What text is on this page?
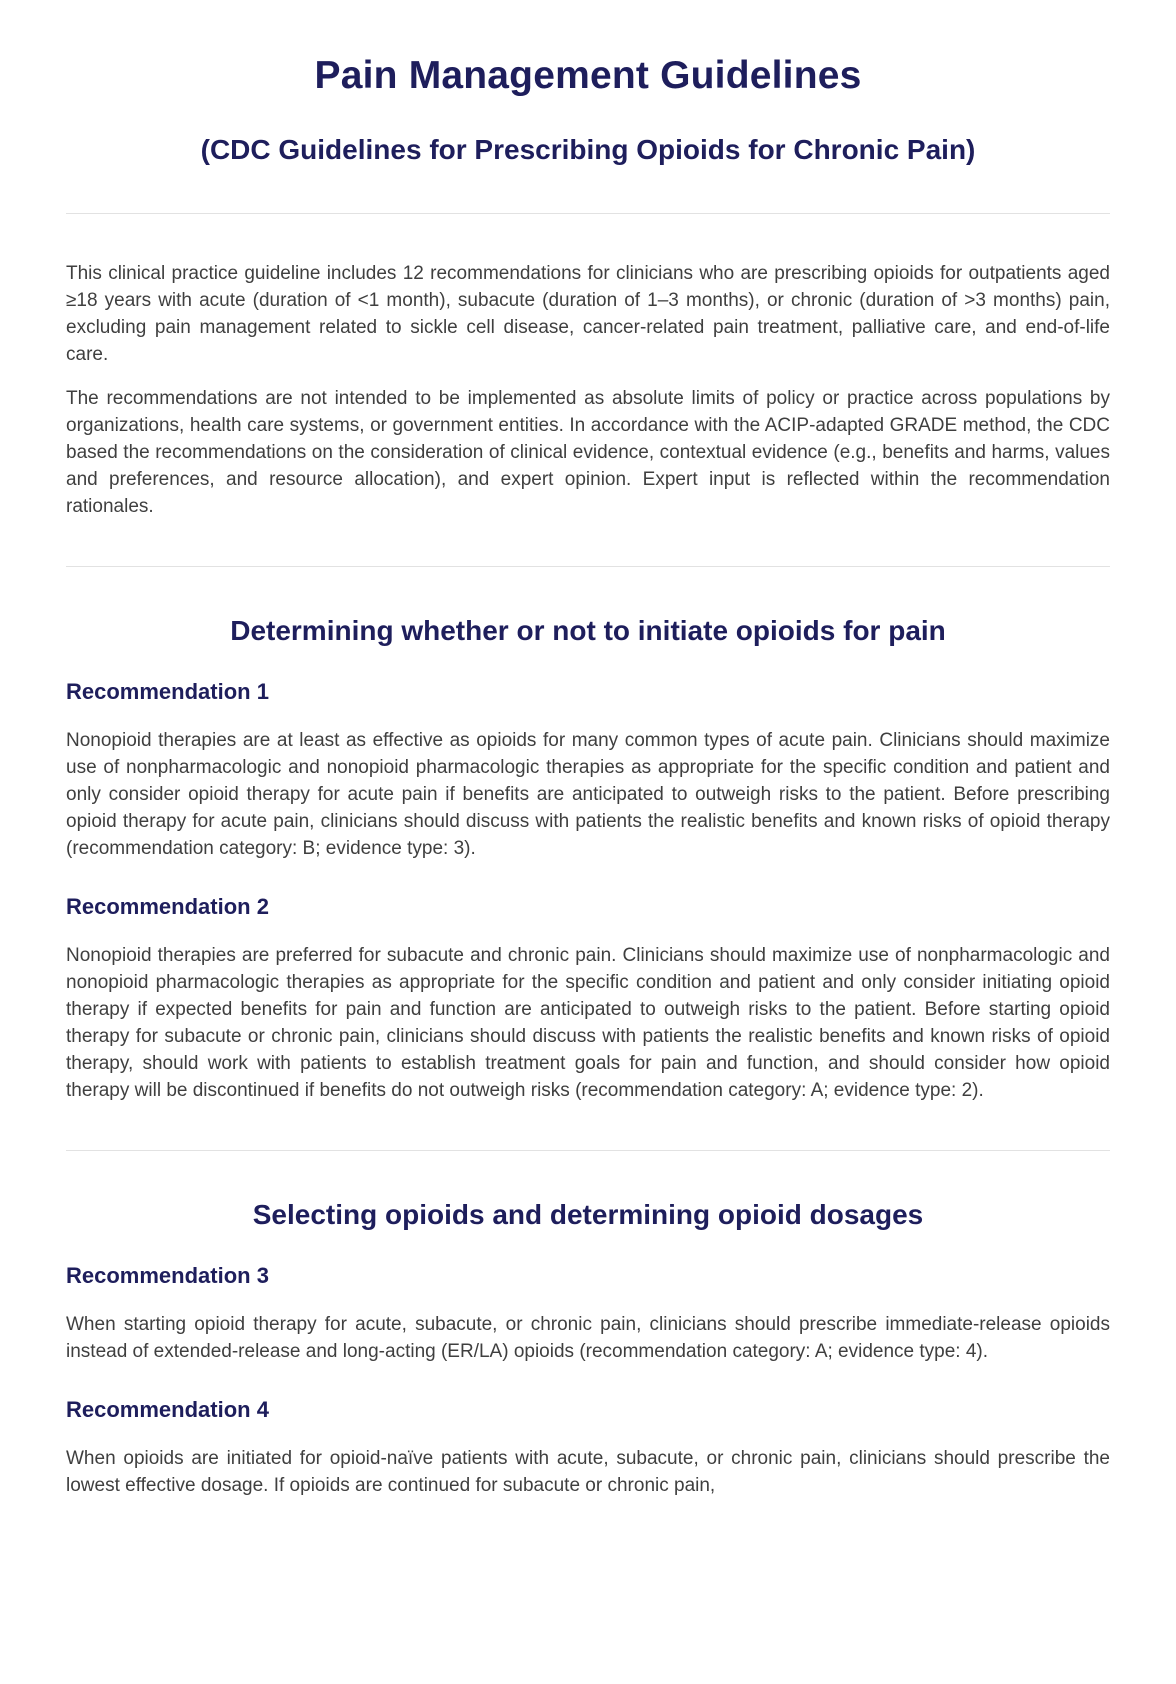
Pain Management Guidelines
(CDC Guidelines for Prescribing Opioids for Chronic Pain)

This clinical practice guideline includes 12 recommendations for clinicians who are prescribing opioids for outpatients aged ≥18 years with acute (duration of <1 month), subacute (duration of 1–3 months), or chronic (duration of >3 months) pain, excluding pain management related to sickle cell disease, cancer-related pain treatment, palliative care, and end-of-life care.

The recommendations are not intended to be implemented as absolute limits of policy or practice across populations by organizations, health care systems, or government entities. In accordance with the ACIP-adapted GRADE method, the CDC based the recommendations on the consideration of clinical evidence, contextual evidence (e.g., benefits and harms, values and preferences, and resource allocation), and expert opinion. Expert input is reflected within the recommendation rationales.

Determining whether or not to initiate opioids for pain
Recommendation 1

Nonopioid therapies are at least as effective as opioids for many common types of acute pain. Clinicians should maximize use of nonpharmacologic and nonopioid pharmacologic therapies as appropriate for the specific condition and patient and only consider opioid therapy for acute pain if benefits are anticipated to outweigh risks to the patient. Before prescribing opioid therapy for acute pain, clinicians should discuss with patients the realistic benefits and known risks of opioid therapy (recommendation category: B; evidence type: 3).

Recommendation 2

Nonopioid therapies are preferred for subacute and chronic pain. Clinicians should maximize use of nonpharmacologic and nonopioid pharmacologic therapies as appropriate for the specific condition and patient and only consider initiating opioid therapy if expected benefits for pain and function are anticipated to outweigh risks to the patient. Before starting opioid therapy for subacute or chronic pain, clinicians should discuss with patients the realistic benefits and known risks of opioid therapy, should work with patients to establish treatment goals for pain and function, and should consider how opioid therapy will be discontinued if benefits do not outweigh risks (recommendation category: A; evidence type: 2).

Selecting opioids and determining opioid dosages
Recommendation 3

When starting opioid therapy for acute, subacute, or chronic pain, clinicians should prescribe immediate-release opioids instead of extended-release and long-acting (ER/LA) opioids (recommendation category: A; evidence type: 4).

Recommendation 4

When opioids are initiated for opioid-naïve patients with acute, subacute, or chronic pain, clinicians should prescribe the lowest effective dosage. If opioids are continued for subacute or chronic pain,
